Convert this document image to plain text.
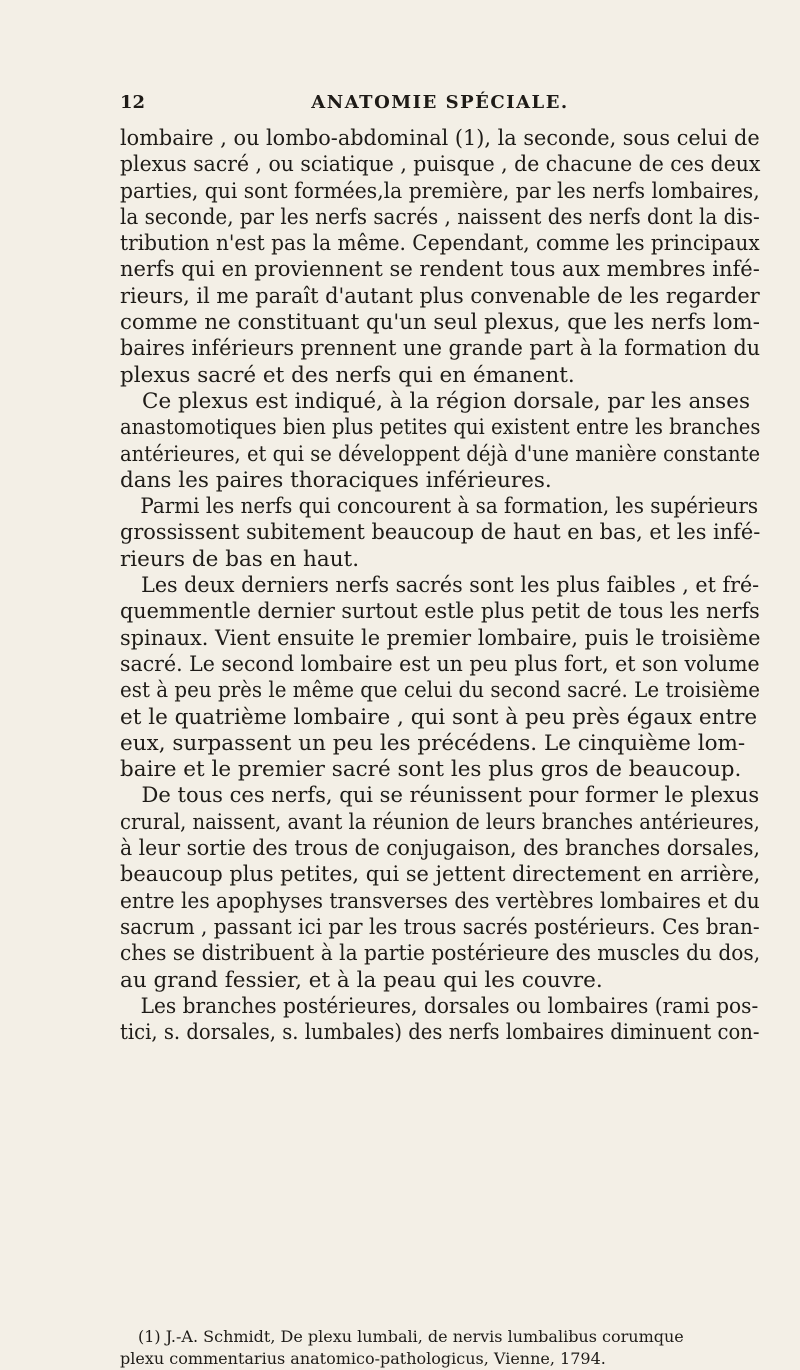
12	ANATOMIE SPÉCIALE.
lombaire , ou lombo-abdominal (1), la seconde, sous celui de
plexus sacré , ou sciatique , puisque , de chacune de ces deux
parties, qui sont formées,la première, par les nerfs lombaires,
la seconde, par les nerfs sacrés , naissent des nerfs dont la dis-
tribution n'est pas la même. Cependant, comme les principaux
nerfs qui en proviennent se rendent tous aux membres infé-
rieurs, il me paraît d'autant plus convenable de les regarder
comme ne constituant qu'un seul plexus, que les nerfs lom-
baires inférieurs prennent une grande part à la formation du
plexus sacré et des nerfs qui en émanent.
Ce plexus est indiqué, à la région dorsale, par les anses
anastomotiques bien plus petites qui existent entre les branches
antérieures, et qui se développent déjà d'une manière constante
dans les paires thoraciques inférieures.
Parmi les nerfs qui concourent à sa formation, les supérieurs
grossissent subitement beaucoup de haut en bas, et les infé-
rieurs de bas en haut.
Les deux derniers nerfs sacrés sont les plus faibles , et fré-
quemmentle dernier surtout estle plus petit de tous les nerfs
spinaux. Vient ensuite le premier lombaire, puis le troisième
sacré. Le second lombaire est un peu plus fort, et son volume
est à peu près le même que celui du second sacré. Le troisième
et le quatrième lombaire , qui sont à peu près égaux entre
eux, surpassent un peu les précédens. Le cinquième lom-
baire et le premier sacré sont les plus gros de beaucoup.
De tous ces nerfs, qui se réunissent pour former le plexus
crural, naissent, avant la réunion de leurs branches antérieures,
à leur sortie des trous de conjugaison, des branches dorsales,
beaucoup plus petites, qui se jettent directement en arrière,
entre les apophyses transverses des vertèbres lombaires et du
sacrum , passant ici par les trous sacrés postérieurs. Ces bran-
ches se distribuent à la partie postérieure des muscles du dos,
au grand fessier, et à la peau qui les couvre.
Les branches postérieures, dorsales ou lombaires (rami pos-
tici, s. dorsales, s. lumbales) des nerfs lombaires diminuent con-
(1) J.-A. Schmidt, De plexu lumbali, de nervis lumbalibus corumque
plexu commentarius anatomico-pathologicus, Vienne, 1794.
